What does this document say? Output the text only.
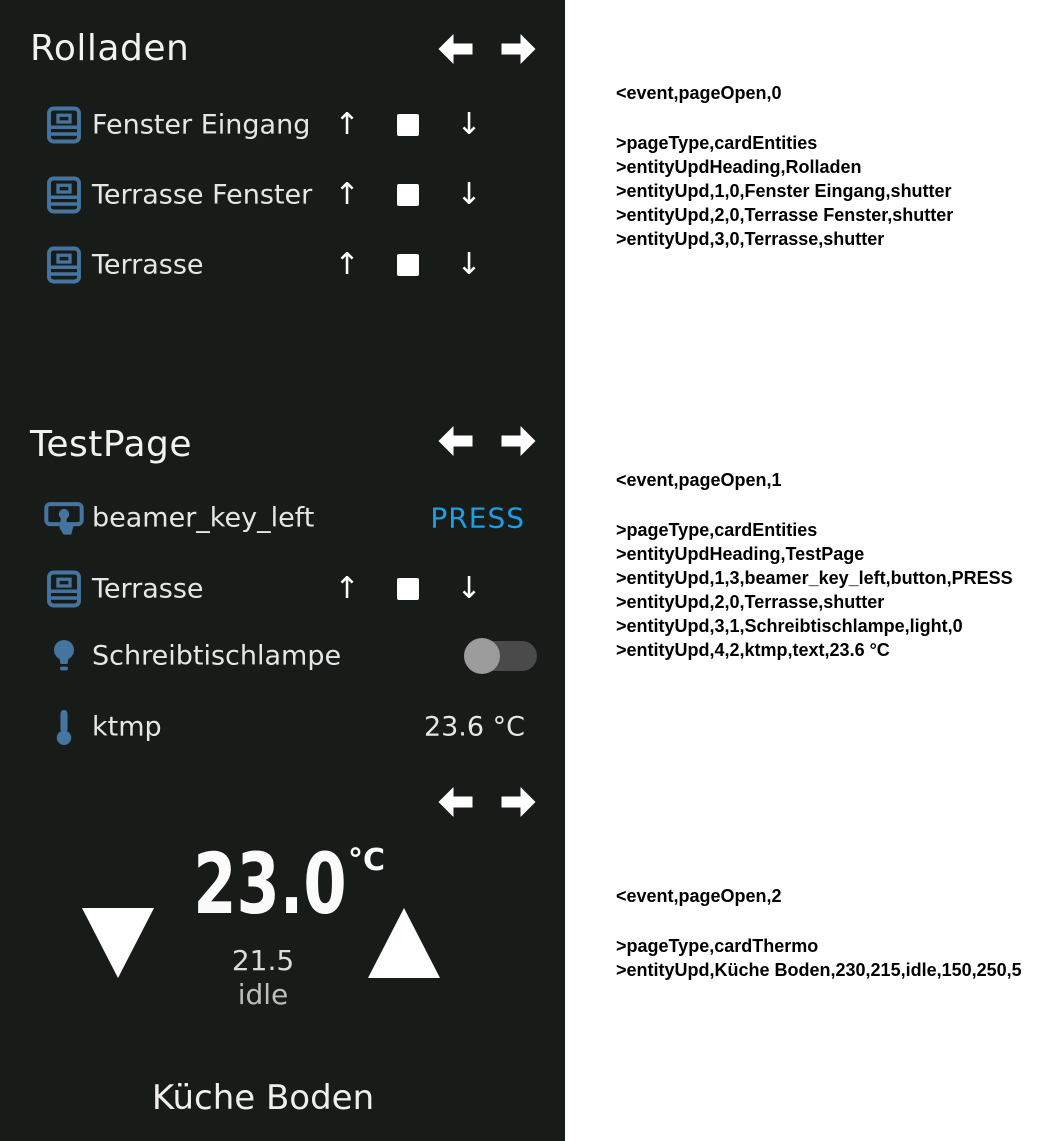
Rolladen
Fenster Eingang ↑	↓
Terrasse Fenster ↑	↓
Terrasse	↑	↓
TestPage
beamer_key_left	PRESS
Terrasse	↑	↓
Schreibtischlampe
ktmp	23.6 °C
23.0 °C
21.5
idle
Küche Boden
<event,pageOpen,0
>pageType,cardEntities
>entityUpdHeading,Rolladen
>entityUpd,1,0,Fenster Eingang,shutter
>entityUpd,2,0,Terrasse Fenster,shutter
>entityUpd,3,0,Terrasse,shutter
<event,pageOpen,1
>pageType,cardEntities
>entityUpdHeading,TestPage
>entityUpd,1,3,beamer_key_left,button,PRESS
>entityUpd,2,0,Terrasse,shutter
>entityUpd,3,1,Schreibtischlampe,light,0
>entityUpd,4,2,ktmp,text,23.6 °C
<event,pageOpen,2
>pageType,cardThermo
>entityUpd,Küche Boden,230,215,idle,150,250,5
